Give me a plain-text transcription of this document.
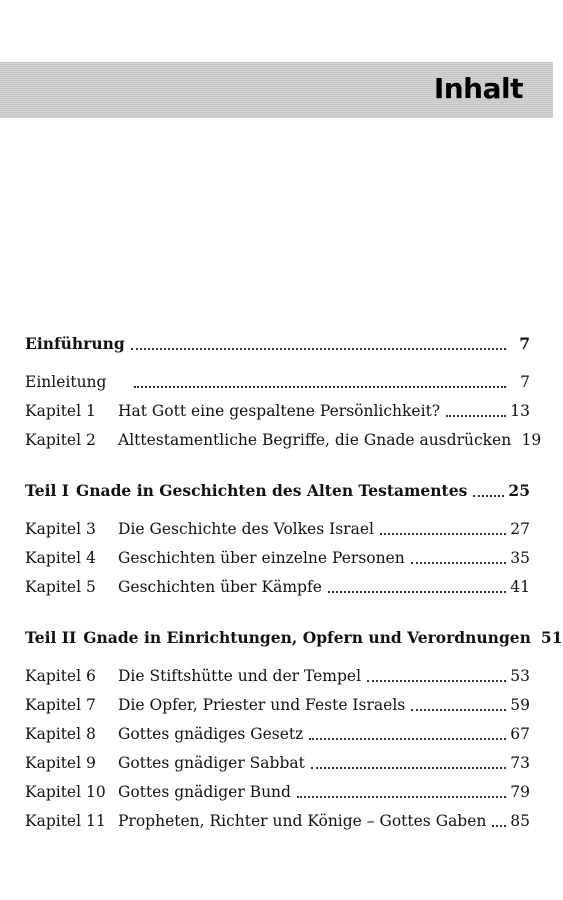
Inhalt
Einführung	7
Einleitung	7
Kapitel 1	Hat Gott eine gespaltene Persönlichkeit?	13
Kapitel 2	Alttestamentliche Begriffe, die Gnade ausdrücken 19
Teil I Gnade in Geschichten des Alten Testamentes	25
Kapitel 3	Die Geschichte des Volkes Israel	27
Kapitel 4	Geschichten über einzelne Personen	35
Kapitel 5	Geschichten über Kämpfe	41
Teil II Gnade in Einrichtungen, Opfern und Verordnungen 51
Kapitel 6	Die Stiftshütte und der Tempel	53
Kapitel 7	Die Opfer, Priester und Feste Israels	59
Kapitel 8	Gottes gnädiges Gesetz	67
Kapitel 9	Gottes gnädiger Sabbat	73
Kapitel 10 Gottes gnädiger Bund	79
Kapitel 11 Propheten, Richter und Könige – Gottes Gaben 85
